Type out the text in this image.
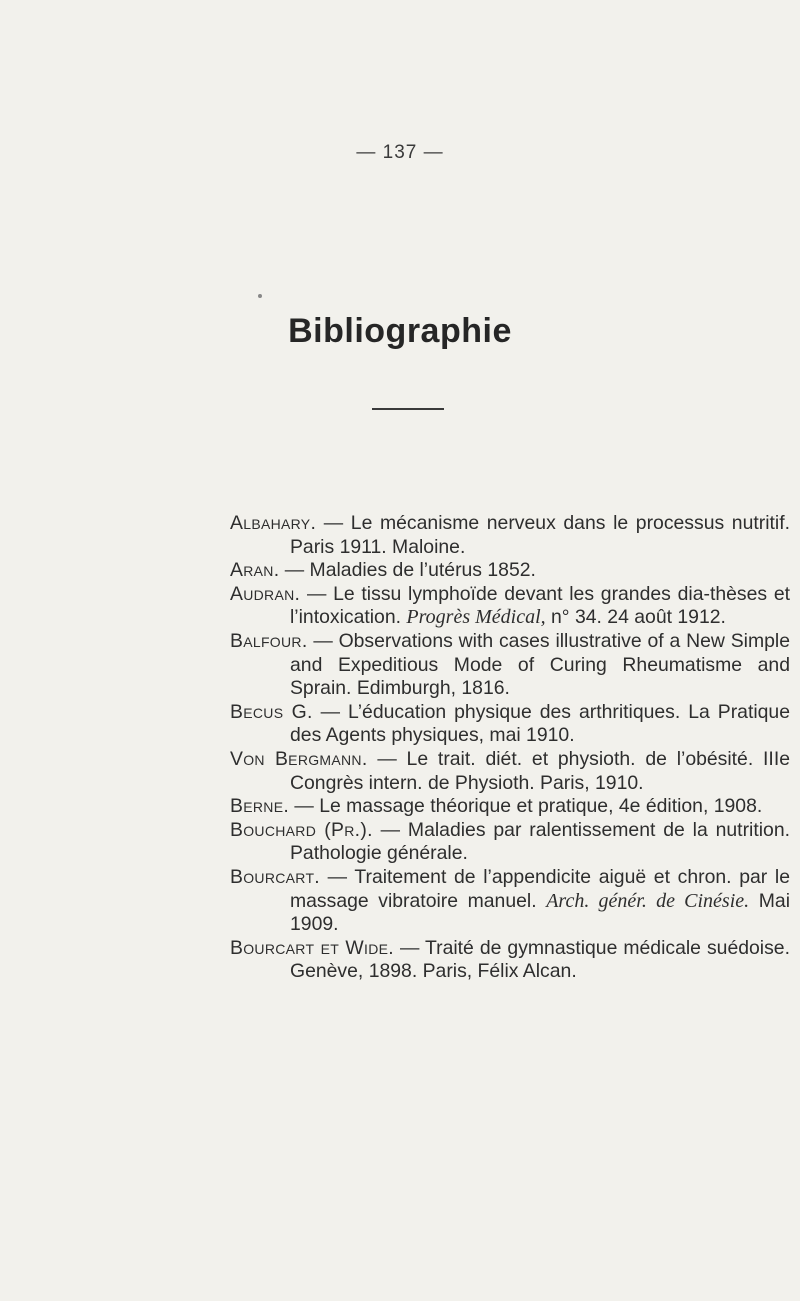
— 137 —
Bibliographie
Albahary. — Le mécanisme nerveux dans le processus nutritif. Paris 1911. Maloine.
Aran. — Maladies de l’utérus 1852.
Audran. — Le tissu lymphoïde devant les grandes dia-thèses et l’intoxication. Progrès Médical, n° 34. 24 août 1912.
Balfour. — Observations with cases illustrative of a New Simple and Expeditious Mode of Curing Rheumatisme and Sprain. Edimburgh, 1816.
Becus G. — L’éducation physique des arthritiques. La Pratique des Agents physiques, mai 1910.
Von Bergmann. — Le trait. diét. et physioth. de l’obésité. IIIe Congrès intern. de Physioth. Paris, 1910.
Berne. — Le massage théorique et pratique, 4e édition, 1908.
Bouchard (Pr.). — Maladies par ralentissement de la nutrition. Pathologie générale.
Bourcart. — Traitement de l’appendicite aiguë et chron. par le massage vibratoire manuel. Arch. génér. de Cinésie. Mai 1909.
Bourcart et Wide. — Traité de gymnastique médicale suédoise. Genève, 1898. Paris, Félix Alcan.
